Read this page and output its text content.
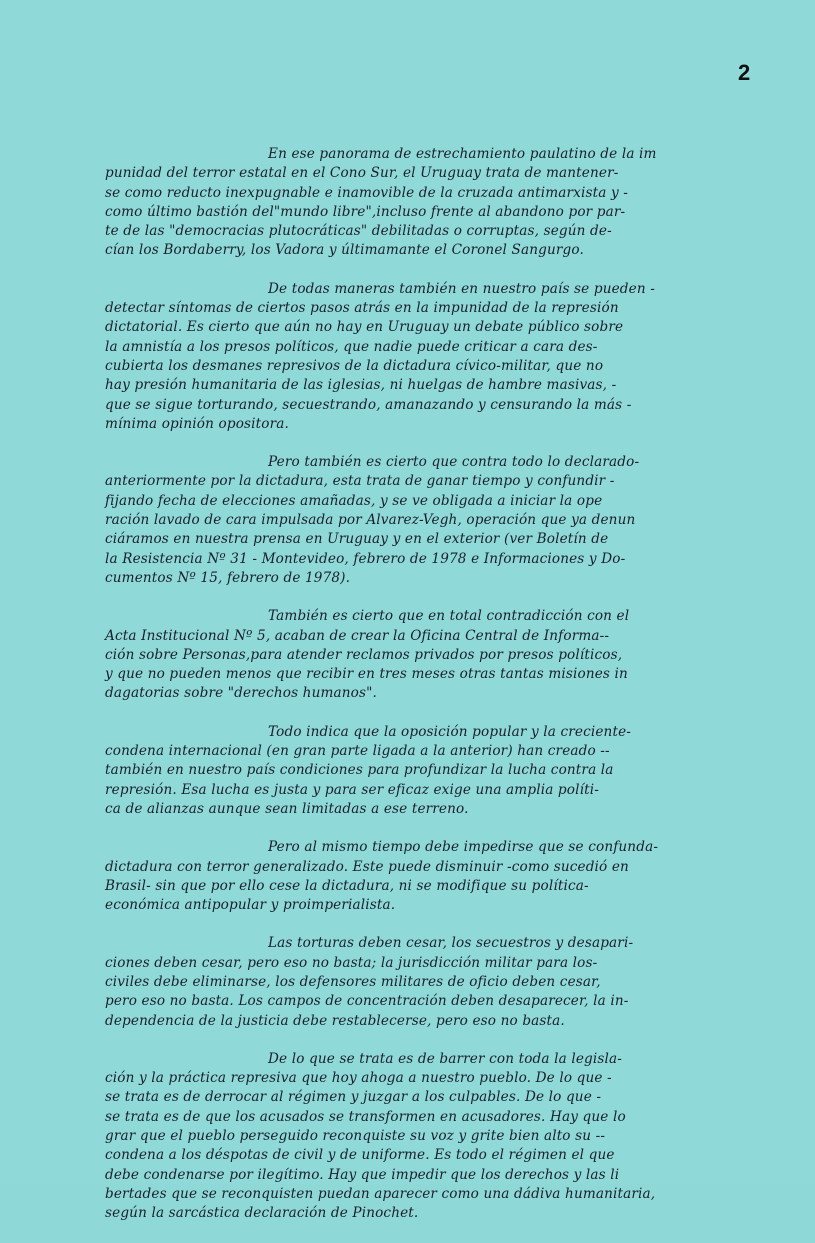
2
En ese panorama de estrechamiento paulatino de la im
punidad del terror estatal en el Cono Sur, el Uruguay trata de mantener-
se como reducto inexpugnable e inamovible de la cruzada antimarxista y -
como último bastión del"mundo libre",incluso frente al abandono por par-
te de las "democracias plutocráticas" debilitadas o corruptas, según de-
cían los Bordaberry, los Vadora y últimamante el Coronel Sangurgo.
De todas maneras también en nuestro país se pueden -
detectar síntomas de ciertos pasos atrás en la impunidad de la represión
dictatorial. Es cierto que aún no hay en Uruguay un debate público sobre
la amnistía a los presos políticos, que nadie puede criticar a cara des-
cubierta los desmanes represivos de la dictadura cívico-militar, que no
hay presión humanitaria de las iglesias, ni huelgas de hambre masivas, -
que se sigue torturando, secuestrando, amanazando y censurando la más -
mínima opinión opositora.
Pero también es cierto que contra todo lo declarado-
anteriormente por la dictadura, esta trata de ganar tiempo y confundir -
fijando fecha de elecciones amañadas, y se ve obligada a iniciar la ope
ración lavado de cara impulsada por Alvarez-Vegh, operación que ya denun
ciáramos en nuestra prensa en Uruguay y en el exterior (ver Boletín de
la Resistencia Nº 31 - Montevideo, febrero de 1978 e Informaciones y Do-
cumentos Nº 15, febrero de 1978).
También es cierto que en total contradicción con el
Acta Institucional Nº 5, acaban de crear la Oficina Central de Informa--
ción sobre Personas,para atender reclamos privados por presos políticos,
y que no pueden menos que recibir en tres meses otras tantas misiones in
dagatorias sobre "derechos humanos".
Todo indica que la oposición popular y la creciente-
condena internacional (en gran parte ligada a la anterior) han creado --
también en nuestro país condiciones para profundizar la lucha contra la
represión. Esa lucha es justa y para ser eficaz exige una amplia políti-
ca de alianzas aunque sean limitadas a ese terreno.
Pero al mismo tiempo debe impedirse que se confunda-
dictadura con terror generalizado. Este puede disminuir -como sucedió en
Brasil- sin que por ello cese la dictadura, ni se modifique su política-
económica antipopular y proimperialista.
Las torturas deben cesar, los secuestros y desapari-
ciones deben cesar, pero eso no basta; la jurisdicción militar para los-
civiles debe eliminarse, los defensores militares de oficio deben cesar,
pero eso no basta. Los campos de concentración deben desaparecer, la in-
dependencia de la justicia debe restablecerse, pero eso no basta.
De lo que se trata es de barrer con toda la legisla-
ción y la práctica represiva que hoy ahoga a nuestro pueblo. De lo que -
se trata es de derrocar al régimen y juzgar a los culpables. De lo que -
se trata es de que los acusados se transformen en acusadores. Hay que lo
grar que el pueblo perseguido reconquiste su voz y grite bien alto su --
condena a los déspotas de civil y de uniforme. Es todo el régimen el que
debe condenarse por ilegítimo. Hay que impedir que los derechos y las li
bertades que se reconquisten puedan aparecer como una dádiva humanitaria,
según la sarcástica declaración de Pinochet.
